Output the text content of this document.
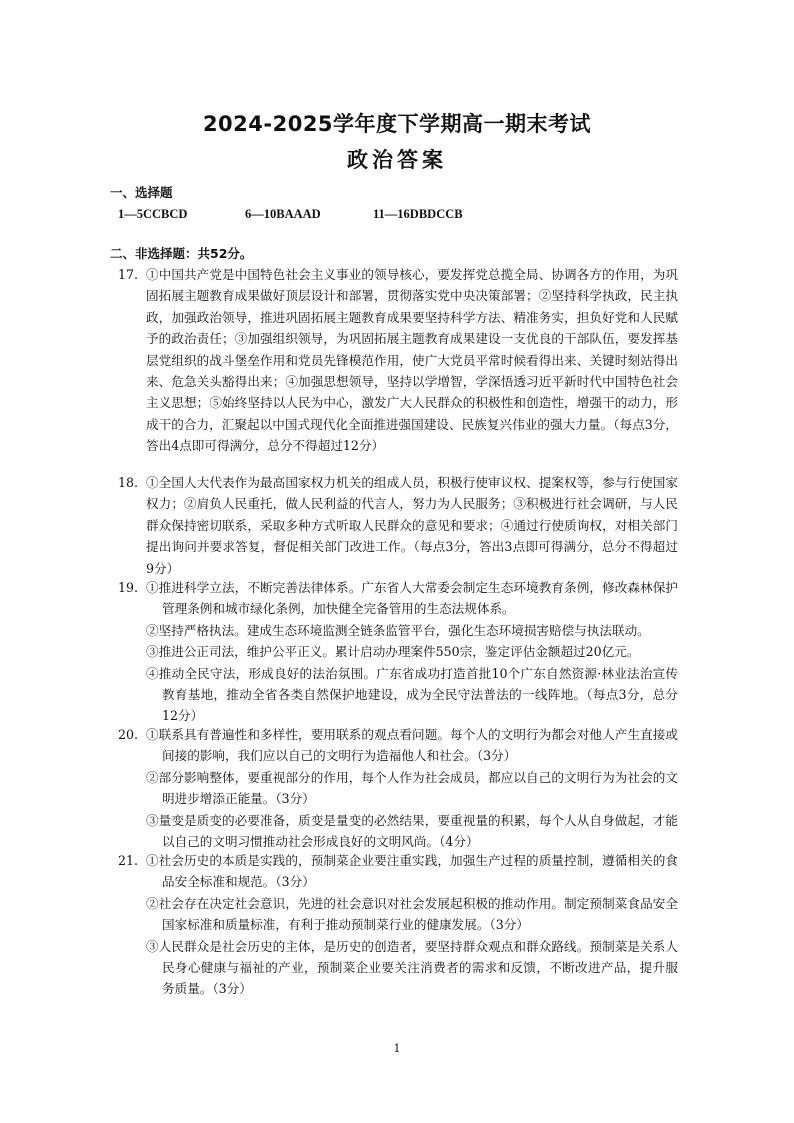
2024-2025学年度下学期高一期末考试
政治答案
一、选择题
1—5CCBCD	6—10BAAAD	11—16DBDCCB
二、非选择题：共52分。
17. ①中国共产党是中国特色社会主义事业的领导核心，要发挥党总揽全局、协调各方的作用，为巩固拓展主题教育成果做好顶层设计和部署，贯彻落实党中央决策部署；②坚持科学执政，民主执政，加强政治领导，推进巩固拓展主题教育成果要坚持科学方法、精准务实，担负好党和人民赋予的政治责任；③加强组织领导，为巩固拓展主题教育成果建设一支优良的干部队伍，要发挥基层党组织的战斗堡垒作用和党员先锋模范作用，使广大党员平常时候看得出来、关键时刻站得出来、危急关头豁得出来；④加强思想领导，坚持以学增智，学深悟透习近平新时代中国特色社会主义思想；⑤始终坚持以人民为中心，激发广大人民群众的积极性和创造性，增强干的动力，形成干的合力，汇聚起以中国式现代化全面推进强国建设、民族复兴伟业的强大力量。（每点3分，答出4点即可得满分，总分不得超过12分）
18. ①全国人大代表作为最高国家权力机关的组成人员，积极行使审议权、提案权等，参与行使国家权力；②肩负人民重托，做人民利益的代言人，努力为人民服务；③积极进行社会调研，与人民群众保持密切联系，采取多种方式听取人民群众的意见和要求；④通过行使质询权，对相关部门提出询问并要求答复，督促相关部门改进工作。（每点3分，答出3点即可得满分，总分不得超过9分）
19. ①推进科学立法，不断完善法律体系。广东省人大常委会制定生态环境教育条例，修改森林保护管理条例和城市绿化条例，加快健全完备管用的生态法规体系。
②坚持严格执法。建成生态环境监测全链条监管平台，强化生态环境损害赔偿与执法联动。
③推进公正司法，维护公平正义。累计启动办理案件550宗，鉴定评估金额超过20亿元。
④推动全民守法，形成良好的法治氛围。广东省成功打造首批10个广东自然资源·林业法治宣传教育基地，推动全省各类自然保护地建设，成为全民守法普法的一线阵地。（每点3分，总分12分）
20. ①联系具有普遍性和多样性，要用联系的观点看问题。每个人的文明行为都会对他人产生直接或间接的影响，我们应以自己的文明行为造福他人和社会。（3分）
②部分影响整体，要重视部分的作用，每个人作为社会成员，都应以自己的文明行为为社会的文明进步增添正能量。（3分）
③量变是质变的必要准备，质变是量变的必然结果，要重视量的积累，每个人从自身做起，才能以自己的文明习惯推动社会形成良好的文明风尚。（4分）
21. ①社会历史的本质是实践的，预制菜企业要注重实践，加强生产过程的质量控制，遵循相关的食品安全标准和规范。（3分）
②社会存在决定社会意识，先进的社会意识对社会发展起积极的推动作用。制定预制菜食品安全国家标准和质量标准，有利于推动预制菜行业的健康发展。（3分）
③人民群众是社会历史的主体，是历史的创造者，要坚持群众观点和群众路线。预制菜是关系人民身心健康与福祉的产业，预制菜企业要关注消费者的需求和反馈，不断改进产品，提升服务质量。（3分）
1
